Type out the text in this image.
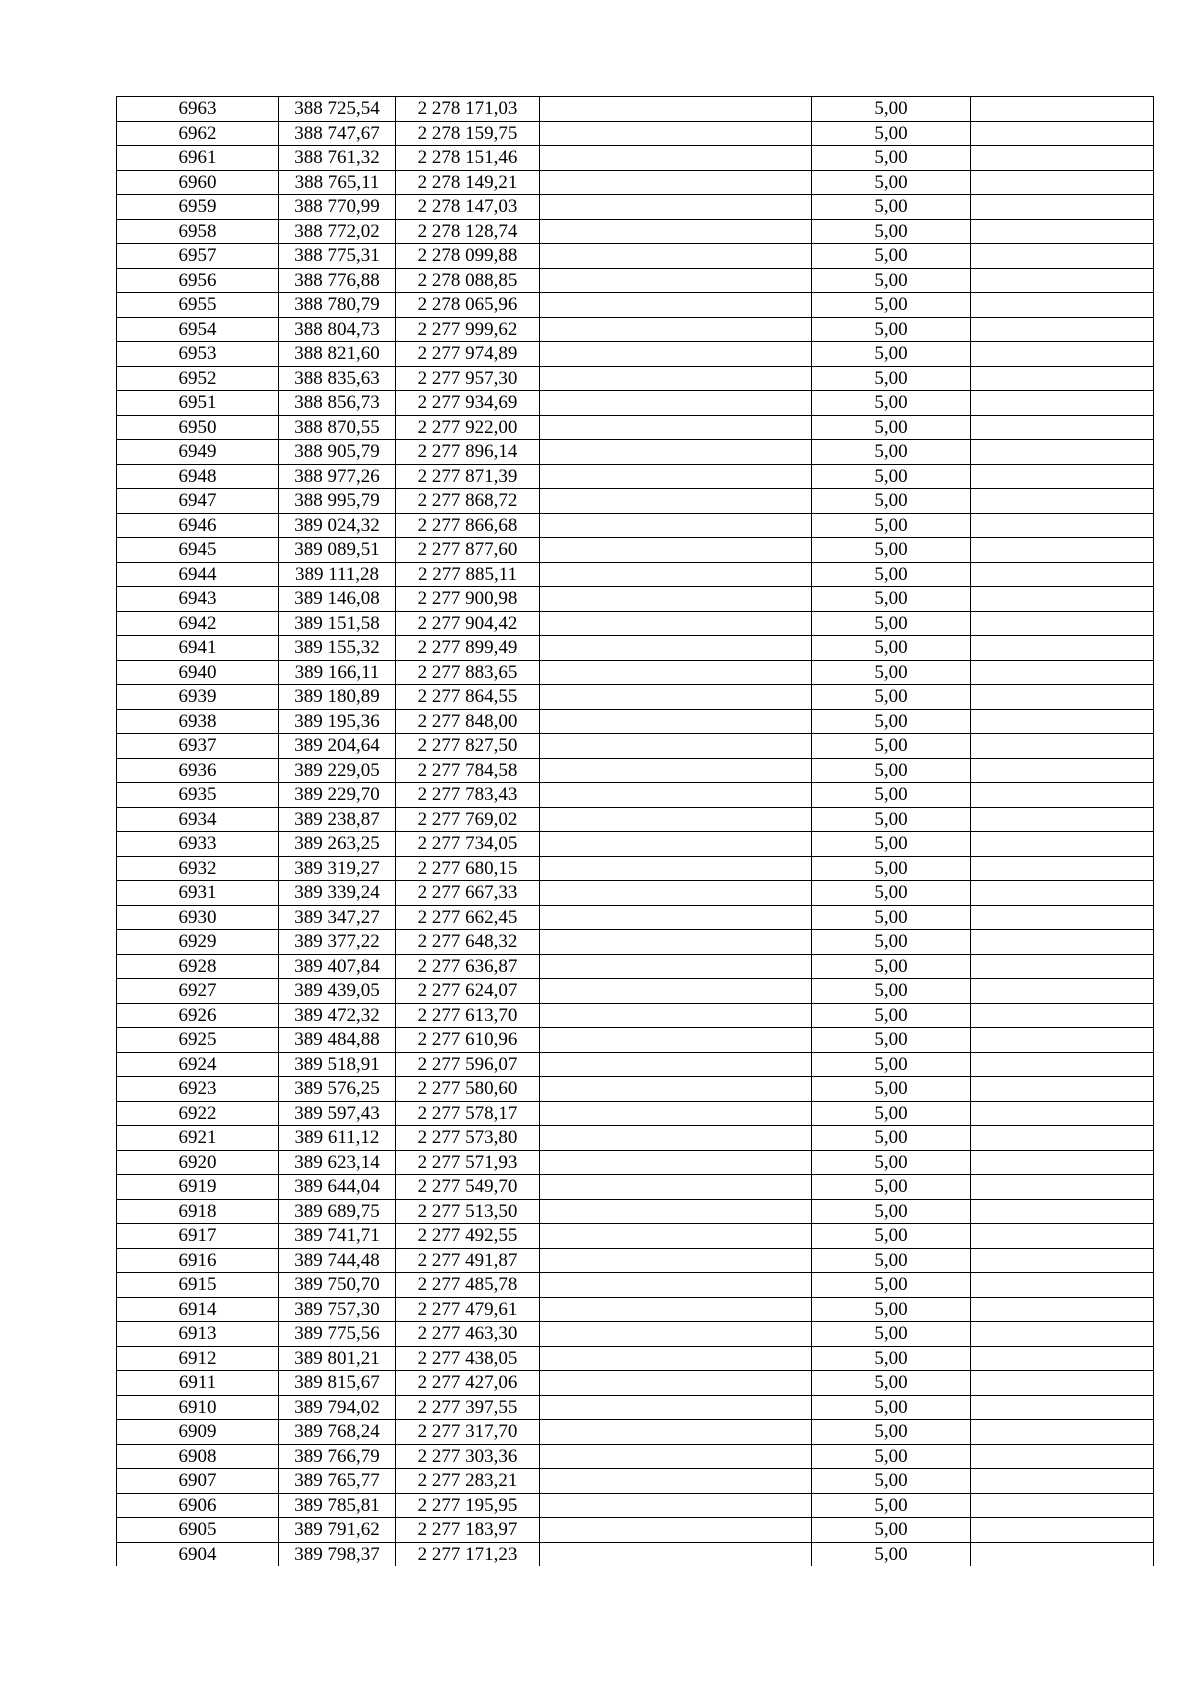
6963	388 725,54	2 278 171,03		5,00	
6962	388 747,67	2 278 159,75		5,00	
6961	388 761,32	2 278 151,46		5,00	
6960	388 765,11	2 278 149,21		5,00	
6959	388 770,99	2 278 147,03		5,00	
6958	388 772,02	2 278 128,74		5,00	
6957	388 775,31	2 278 099,88		5,00	
6956	388 776,88	2 278 088,85		5,00	
6955	388 780,79	2 278 065,96		5,00	
6954	388 804,73	2 277 999,62		5,00	
6953	388 821,60	2 277 974,89		5,00	
6952	388 835,63	2 277 957,30		5,00	
6951	388 856,73	2 277 934,69		5,00	
6950	388 870,55	2 277 922,00		5,00	
6949	388 905,79	2 277 896,14		5,00	
6948	388 977,26	2 277 871,39		5,00	
6947	388 995,79	2 277 868,72		5,00	
6946	389 024,32	2 277 866,68		5,00	
6945	389 089,51	2 277 877,60		5,00	
6944	389 111,28	2 277 885,11		5,00	
6943	389 146,08	2 277 900,98		5,00	
6942	389 151,58	2 277 904,42		5,00	
6941	389 155,32	2 277 899,49		5,00	
6940	389 166,11	2 277 883,65		5,00	
6939	389 180,89	2 277 864,55		5,00	
6938	389 195,36	2 277 848,00		5,00	
6937	389 204,64	2 277 827,50		5,00	
6936	389 229,05	2 277 784,58		5,00	
6935	389 229,70	2 277 783,43		5,00	
6934	389 238,87	2 277 769,02		5,00	
6933	389 263,25	2 277 734,05		5,00	
6932	389 319,27	2 277 680,15		5,00	
6931	389 339,24	2 277 667,33		5,00	
6930	389 347,27	2 277 662,45		5,00	
6929	389 377,22	2 277 648,32		5,00	
6928	389 407,84	2 277 636,87		5,00	
6927	389 439,05	2 277 624,07		5,00	
6926	389 472,32	2 277 613,70		5,00	
6925	389 484,88	2 277 610,96		5,00	
6924	389 518,91	2 277 596,07		5,00	
6923	389 576,25	2 277 580,60		5,00	
6922	389 597,43	2 277 578,17		5,00	
6921	389 611,12	2 277 573,80		5,00	
6920	389 623,14	2 277 571,93		5,00	
6919	389 644,04	2 277 549,70		5,00	
6918	389 689,75	2 277 513,50		5,00	
6917	389 741,71	2 277 492,55		5,00	
6916	389 744,48	2 277 491,87		5,00	
6915	389 750,70	2 277 485,78		5,00	
6914	389 757,30	2 277 479,61		5,00	
6913	389 775,56	2 277 463,30		5,00	
6912	389 801,21	2 277 438,05		5,00	
6911	389 815,67	2 277 427,06		5,00	
6910	389 794,02	2 277 397,55		5,00	
6909	389 768,24	2 277 317,70		5,00	
6908	389 766,79	2 277 303,36		5,00	
6907	389 765,77	2 277 283,21		5,00	
6906	389 785,81	2 277 195,95		5,00	
6905	389 791,62	2 277 183,97		5,00	
6904	389 798,37	2 277 171,23		5,00	
